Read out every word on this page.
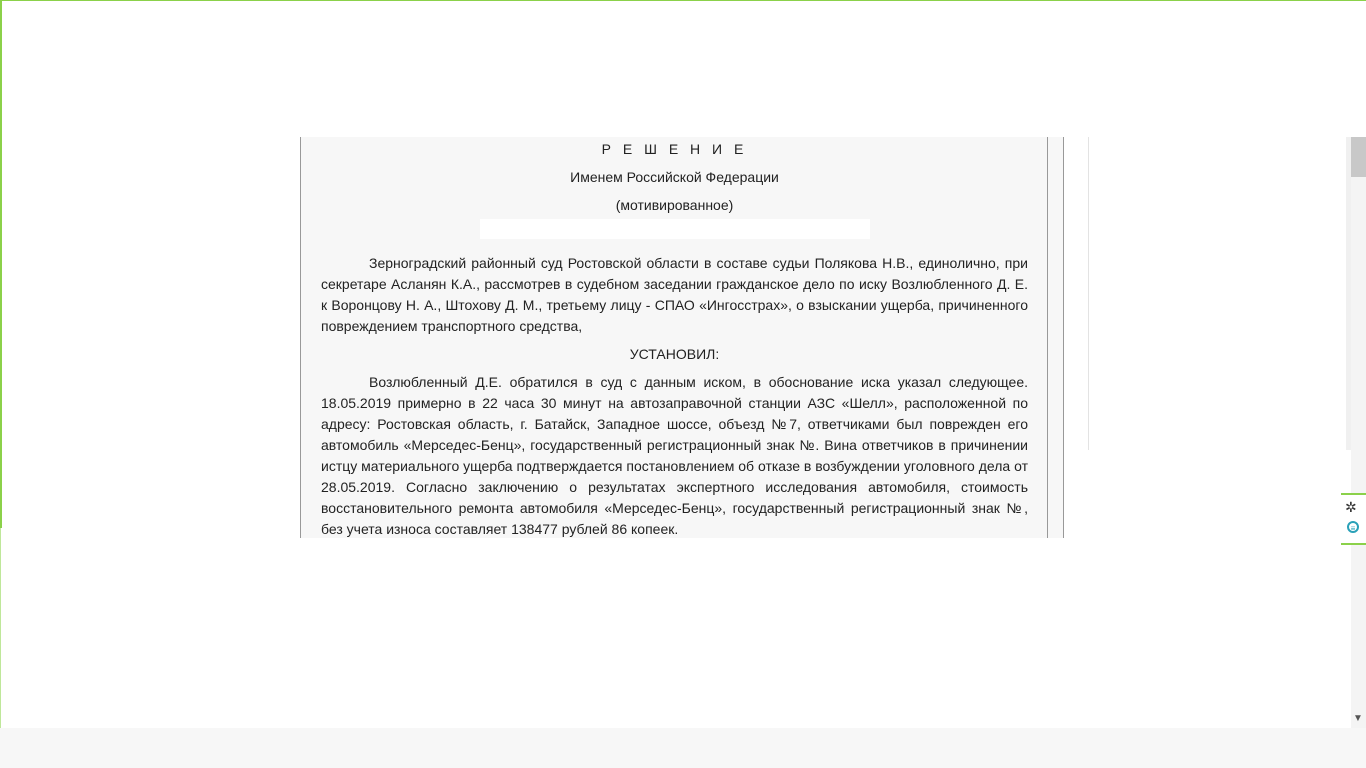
Р Е Ш Е Н И Е

Именем Российской Федерации

(мотивированное)

Зерноградский районный суд Ростовской области в составе судьи Полякова Н.В., единолично, при секретаре Асланян К.А., рассмотрев в судебном заседании гражданское дело по иску Возлюбленного Д. Е. к Воронцову Н. А., Штохову Д. М., третьему лицу - СПАО «Ингосстрах», о взыскании ущерба, причиненного повреждением транспортного средства,

УСТАНОВИЛ:

Возлюбленный Д.Е. обратился в суд с данным иском, в обоснование иска указал следующее. 18.05.2019 примерно в 22 часа 30 минут на автозаправочной станции АЗС «Шелл», расположенной по адресу: Ростовская область, г. Батайск, Западное шоссе, объезд №7, ответчиками был поврежден его автомобиль «Мерседес-Бенц», государственный регистрационный знак №. Вина ответчиков в причинении истцу материального ущерба подтверждается постановлением об отказе в возбуждении уголовного дела от 28.05.2019. Согласно заключению о результатах экспертного исследования автомобиля, стоимость восстановительного ремонта автомобиля «Мерседес-Бенц», государственный регистрационный знак №, без учета износа составляет 138477 рублей 86 копеек.

▼
✲
≡
